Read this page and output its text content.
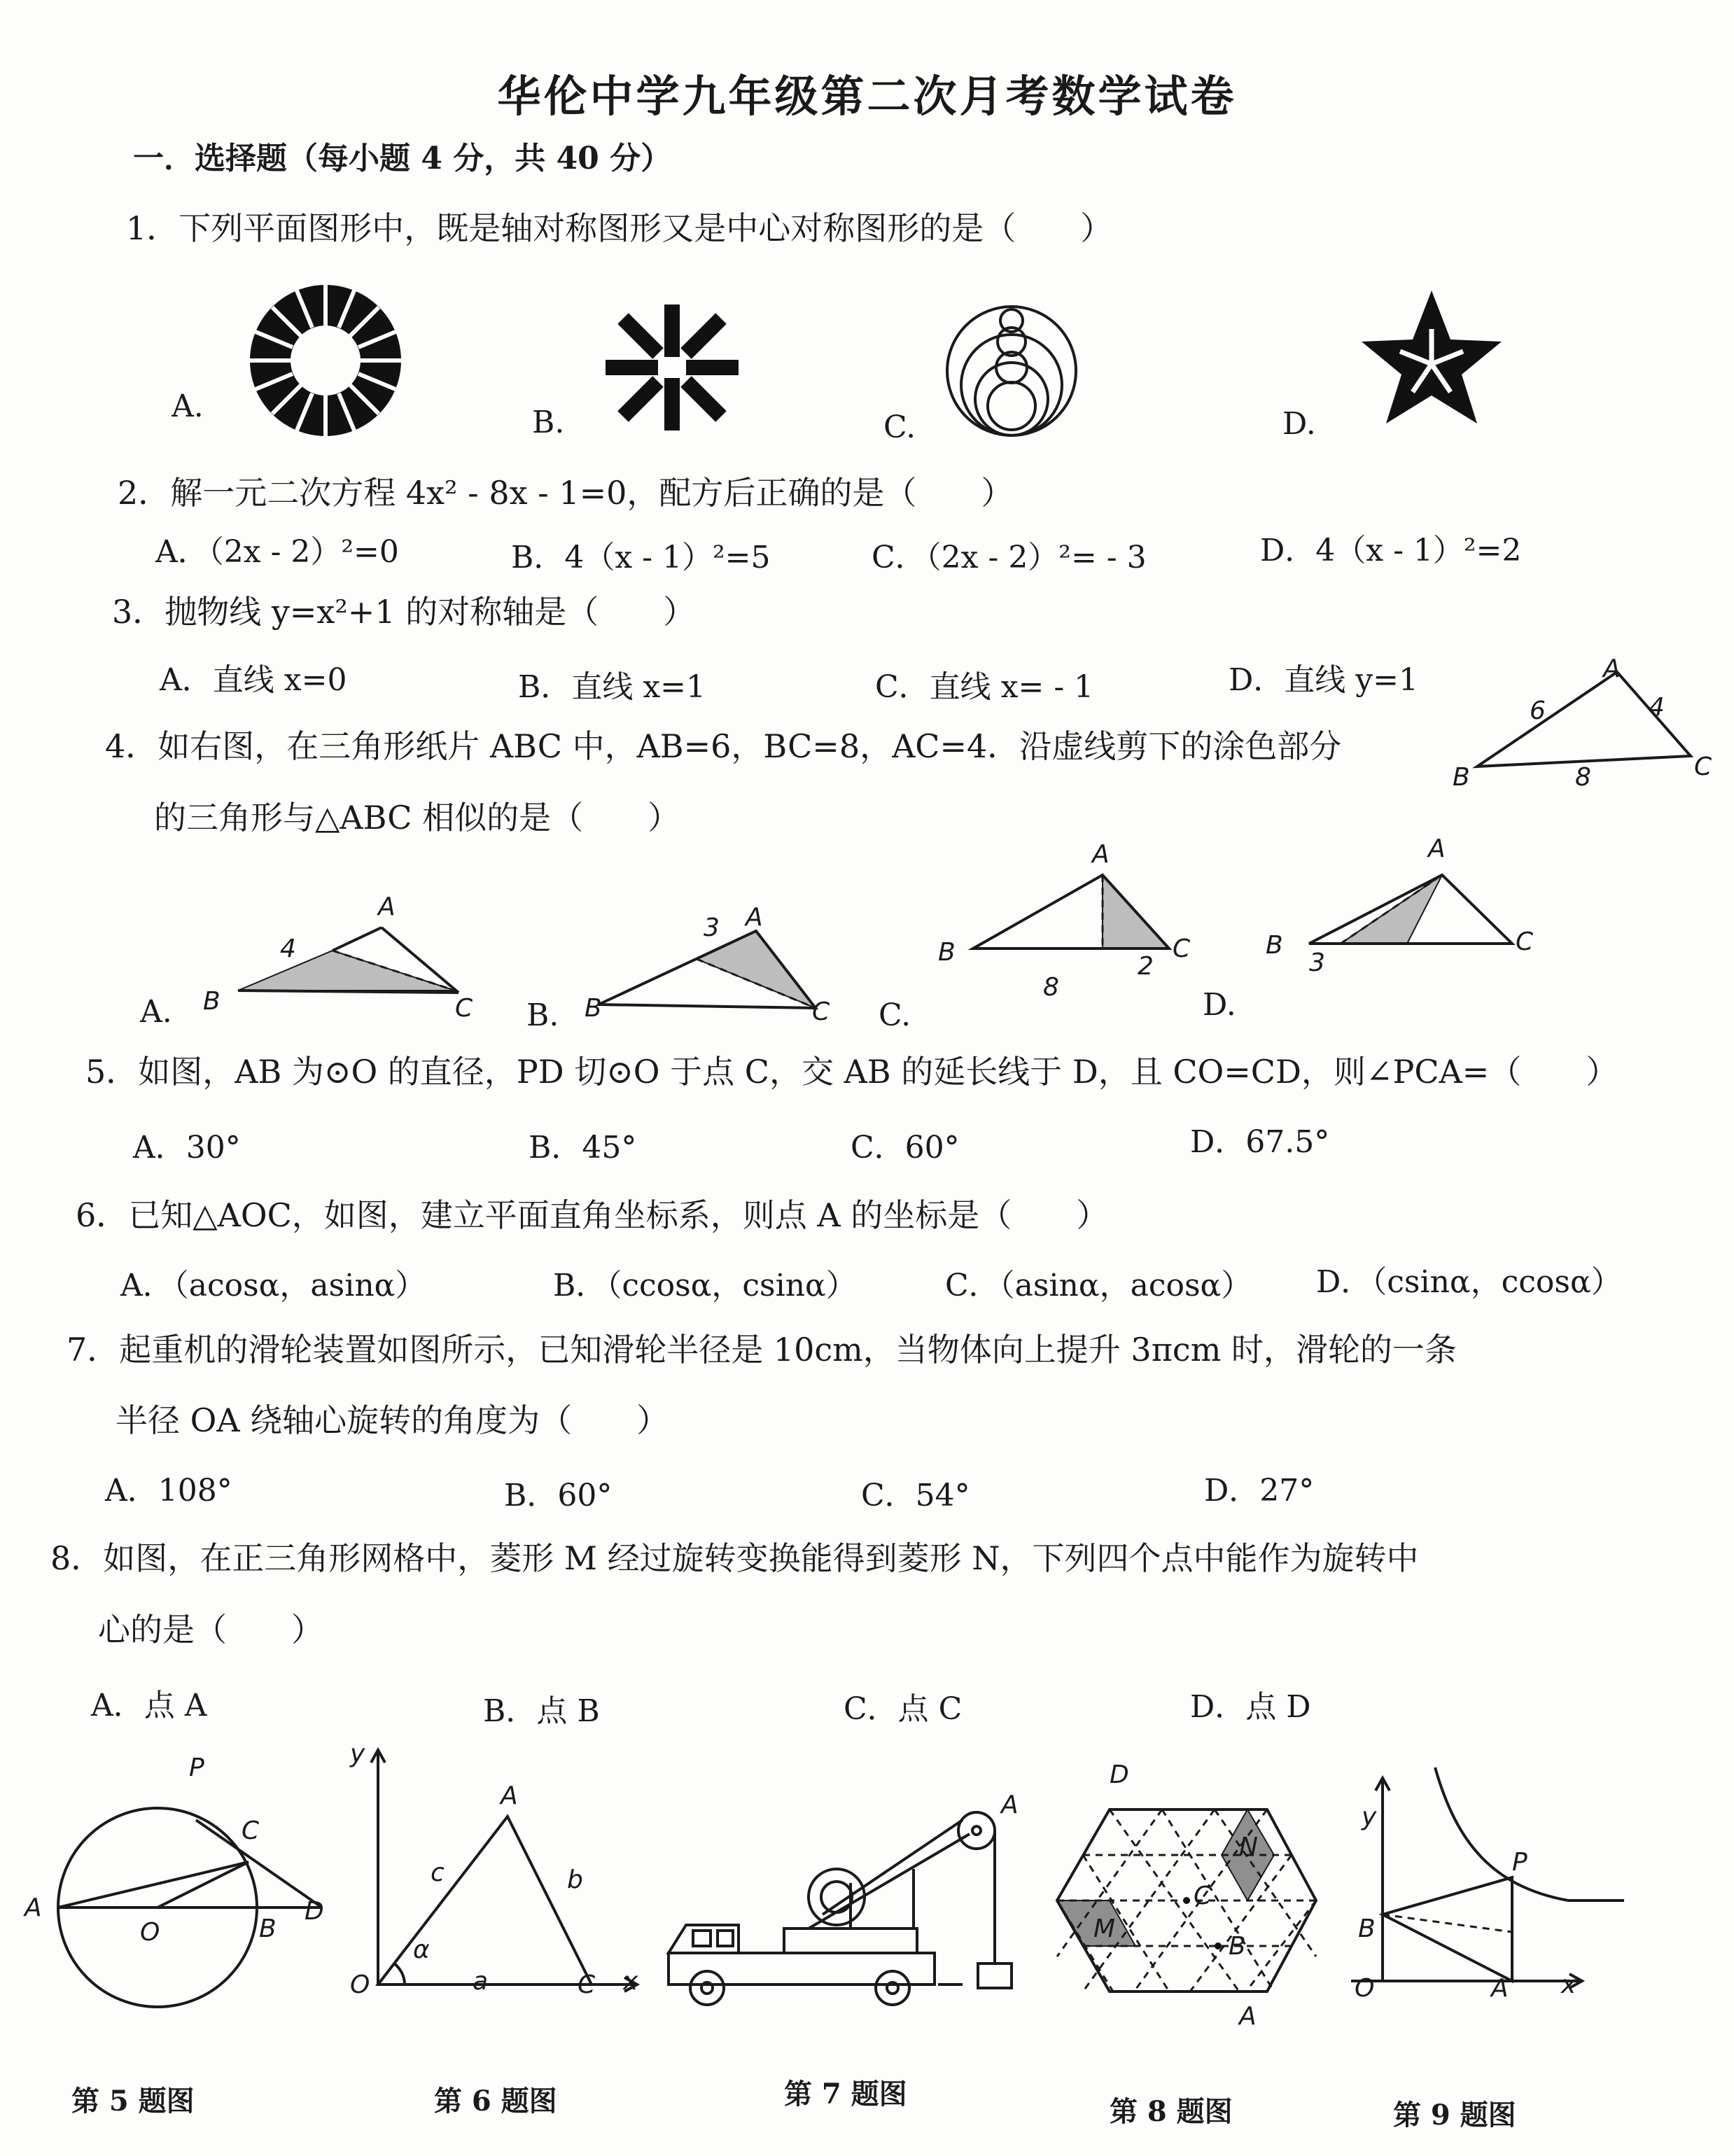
华伦中学九年级第二次月考数学试卷
一．选择题（每小题 4 分，共 40 分）
1．下列平面图形中，既是轴对称图形又是中心对称图形的是（　　）
A.	B.	C.	D.
2．解一元二次方程 4x² - 8x - 1=0，配方后正确的是（　　）
A．（2x - 2）²=0	B．4（x - 1）²=5	C．（2x - 2）²= - 3	D．4（x - 1）²=2
3．抛物线 y=x²+1 的对称轴是（　　）
A．直线 x=0	B．直线 x=1	C．直线 x= - 1	D．直线 y=1
4．如右图，在三角形纸片 ABC 中，AB=6，BC=8，AC=4．沿虚线剪下的涂色部分
的三角形与△ABC 相似的是（　　）
A
B	C
6	4
8
A. B
A
C
4
B. B
A
C
3
C.
B
A
C
8
2
D.
B
A
C
3
5．如图，AB 为⊙O 的直径，PD 切⊙O 于点 C，交 AB 的延长线于 D，且 CO=CD，则∠PCA=（　　）
A．30°	B．45°	C．60°	D．67.5°
6．已知△AOC，如图，建立平面直角坐标系，则点 A 的坐标是（　　）
A．（acosα，asinα）	B．（ccosα，csinα）	C．（asinα，acosα） D．（csinα，ccosα）
7．起重机的滑轮装置如图所示，已知滑轮半径是 10cm，当物体向上提升 3πcm 时，滑轮的一条
半径 OA 绕轴心旋转的角度为（　　）
A．108°	B．60°	C．54°	D．27°
8．如图，在正三角形网格中，菱形 M 经过旋转变换能得到菱形 N，下列四个点中能作为旋转中
心的是（　　）
A．点 A	B．点 B	C．点 C	D．点 D
P
C
A
O	B
D
y
A
c	b
α
O	a	C x
A
D
N
C
M
B
A
y
P
B
O	A x
第 5 题图	第 6 题图	第 7 题图
第 8 题图	第 9 题图
